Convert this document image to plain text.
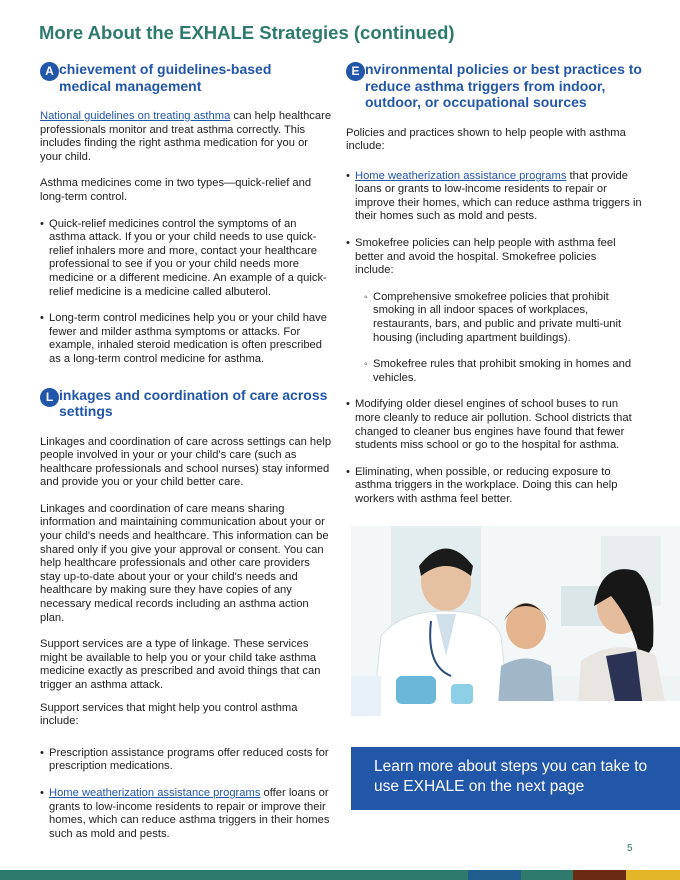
More About the EXHALE Strategies (continued)
A chievement of guidelines-based
medical management

National guidelines on treating asthma can help healthcare professionals monitor and treat asthma correctly. This includes finding the right asthma medication for you or your child.

Asthma medicines come in two types—quick-relief and long-term control.

• Quick-relief medicines control the symptoms of an asthma attack. If you or your child needs to use quick-relief inhalers more and more, contact your healthcare professional to see if you or your child needs more medicine or a different medicine. An example of a quick-relief medicine is a medicine called albuterol.
• Long-term control medicines help you or your child have fewer and milder asthma symptoms or attacks. For example, inhaled steroid medication is often prescribed as a long-term control medicine for asthma.
L inkages and coordination of care across
settings

Linkages and coordination of care across settings can help people involved in your or your child's care (such as healthcare professionals and school nurses) stay informed and provide you or your child better care.

Linkages and coordination of care means sharing information and maintaining communication about your or your child's needs and healthcare. This information can be shared only if you give your approval or consent. You can help healthcare professionals and other care providers stay up-to-date about your or your child's needs and healthcare by making sure they have copies of any necessary medical records including an asthma action plan.

Support services are a type of linkage. These services might be available to help you or your child take asthma medicine exactly as prescribed and avoid things that can trigger an asthma attack.

Support services that might help you control asthma include:

• Prescription assistance programs offer reduced costs for prescription medications.
• Home weatherization assistance programs offer loans or grants to low-income residents to repair or improve their homes, which can reduce asthma triggers in their homes such as mold and pests.
E nvironmental policies or best practices to
reduce asthma triggers from indoor, outdoor, or occupational sources

Policies and practices shown to help people with asthma include:

• Home weatherization assistance programs that provide loans or grants to low-income residents to repair or improve their homes, which can reduce asthma triggers in their homes such as mold and pests.
• Smokefree policies can help people with asthma feel better and avoid the hospital. Smokefree policies include:
◦ Comprehensive smokefree policies that prohibit smoking in all indoor spaces of workplaces, restaurants, bars, and public and private multi-unit housing (including apartment buildings).
◦ Smokefree rules that prohibit smoking in homes and vehicles.
• Modifying older diesel engines of school buses to run more cleanly to reduce air pollution. School districts that changed to cleaner bus engines have found that fewer students miss school or go to the hospital for asthma.
• Eliminating, when possible, or reducing exposure to asthma triggers in the workplace. Doing this can help workers with asthma feel better.
Learn more about steps you can take to use EXHALE on the next page
5
